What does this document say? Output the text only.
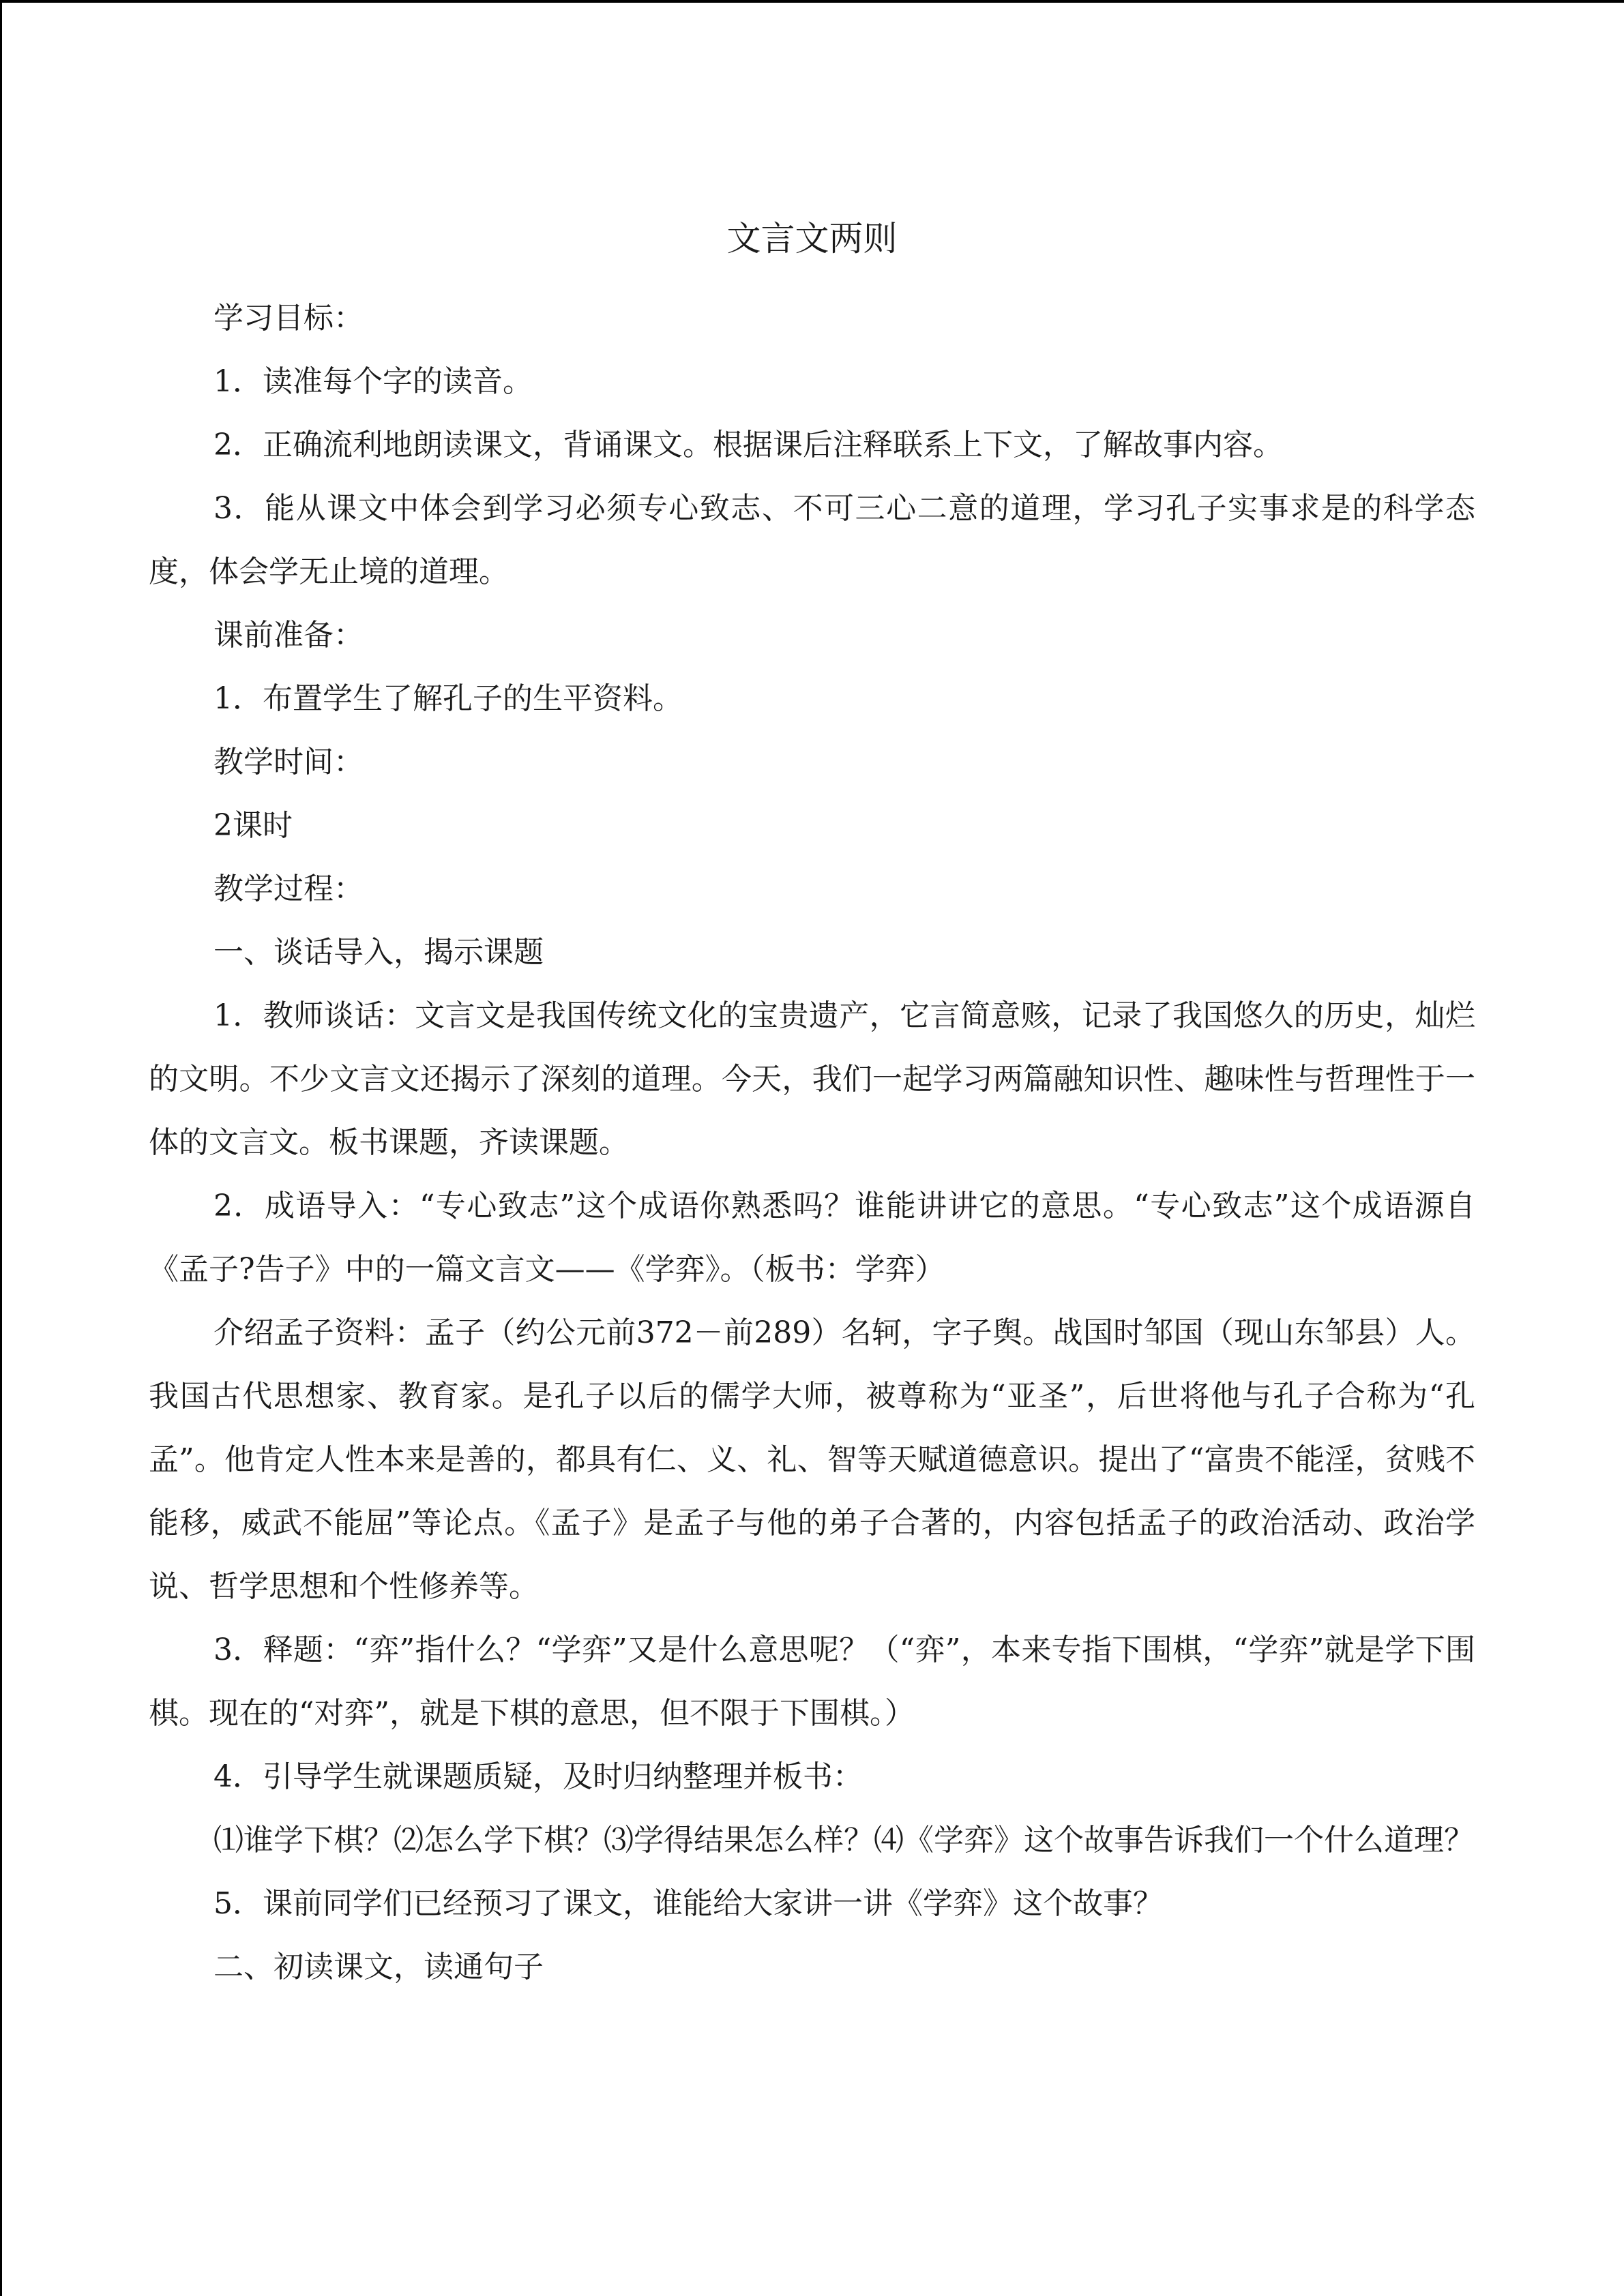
文言文两则

学习目标：

1．读准每个字的读音。

2．正确流利地朗读课文，背诵课文。根据课后注释联系上下文，了解故事内容。

3．能从课文中体会到学习必须专心致志、不可三心二意的道理，学习孔子实事求是的科学态度，体会学无止境的道理。

课前准备：

1．布置学生了解孔子的生平资料。

教学时间：

2课时

教学过程：

一、谈话导入，揭示课题

1．教师谈话：文言文是我国传统文化的宝贵遗产，它言简意赅，记录了我国悠久的历史，灿烂的文明。不少文言文还揭示了深刻的道理。今天，我们一起学习两篇融知识性、趣味性与哲理性于一体的文言文。板书课题，齐读课题。

2．成语导入：“专心致志”这个成语你熟悉吗？谁能讲讲它的意思。“专心致志”这个成语源自《孟子?告子》中的一篇文言文——《学弈》。（板书：学弈）

介绍孟子资料：孟子（约公元前372－前289）名轲，字子舆。战国时邹国（现山东邹县）人。我国古代思想家、教育家。是孔子以后的儒学大师，被尊称为“亚圣”，后世将他与孔子合称为“孔孟”。他肯定人性本来是善的，都具有仁、义、礼、智等天赋道德意识。提出了“富贵不能淫，贫贱不能移，威武不能屈”等论点。《孟子》是孟子与他的弟子合著的，内容包括孟子的政治活动、政治学说、哲学思想和个性修养等。

3．释题：“弈”指什么？“学弈”又是什么意思呢？（“弈”，本来专指下围棋，“学弈”就是学下围棋。现在的“对弈”，就是下棋的意思，但不限于下围棋。）

4．引导学生就课题质疑，及时归纳整理并板书：

⑴谁学下棋？⑵怎么学下棋？⑶学得结果怎么样？⑷《学弈》这个故事告诉我们一个什么道理？

5．课前同学们已经预习了课文，谁能给大家讲一讲《学弈》这个故事？

二、初读课文，读通句子
